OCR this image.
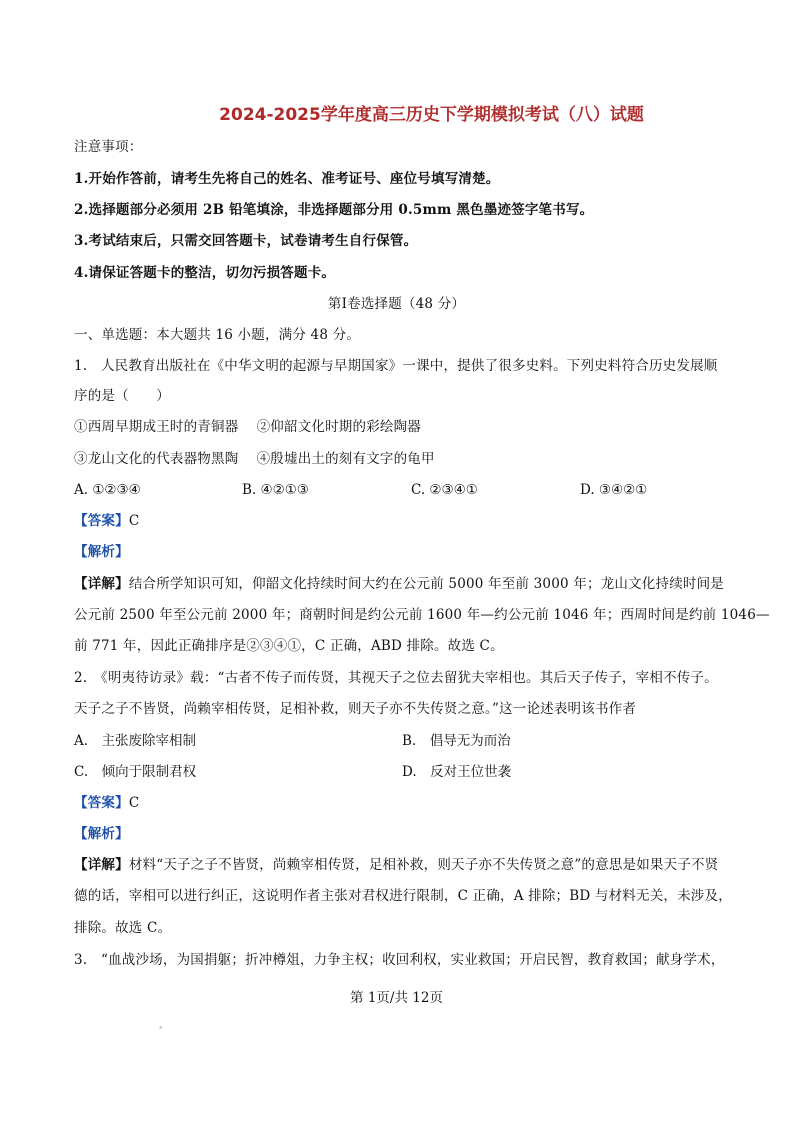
2024-2025学年度高三历史下学期模拟考试（八）试题
注意事项：
1.开始作答前，请考生先将自己的姓名、准考证号、座位号填写清楚。
2.选择题部分必须用 2B 铅笔填涂，非选择题部分用 0.5mm 黑色墨迹签字笔书写。
3.考试结束后，只需交回答题卡，试卷请考生自行保管。
4.请保证答题卡的整洁，切勿污损答题卡。
第Ⅰ卷选择题（48 分）
一、单选题：本大题共 16 小题，满分 48 分。
1.　人民教育出版社在《中华文明的起源与早期国家》一课中，提供了很多史料。下列史料符合历史发展顺
序的是（　　）
①西周早期成王时的青铜器　 ②仰韶文化时期的彩绘陶器
③龙山文化的代表器物黑陶　 ④殷墟出土的刻有文字的龟甲
A. ①②③④	B. ④②①③	C. ②③④①	D. ③④②①
【答案】C
【解析】
【详解】结合所学知识可知，仰韶文化持续时间大约在公元前 5000 年至前 3000 年；龙山文化持续时间是
公元前 2500 年至公元前 2000 年；商朝时间是约公元前 1600 年—约公元前 1046 年；西周时间是约前 1046—
前 771 年，因此正确排序是②③④①，C 正确，ABD 排除。故选 C。
2.　《明夷待访录》载：“古者不传子而传贤，其视天子之位去留犹夫宰相也。其后天子传子，宰相不传子。
天子之子不皆贤，尚赖宰相传贤，足相补救，则天子亦不失传贤之意。”这一论述表明该书作者
A.　主张废除宰相制	B.　倡导无为而治
C.　倾向于限制君权	D.　反对王位世袭
【答案】C
【解析】
【详解】材料“天子之子不皆贤，尚赖宰相传贤，足相补救，则天子亦不失传贤之意”的意思是如果天子不贤
德的话，宰相可以进行纠正，这说明作者主张对君权进行限制，C 正确，A 排除；BD 与材料无关，未涉及，
排除。故选 C。
3.　“血战沙场，为国捐躯；折冲樽俎，力争主权；收回利权，实业救国；开启民智，教育救国；献身学术，
第 1页/共 12页
•
